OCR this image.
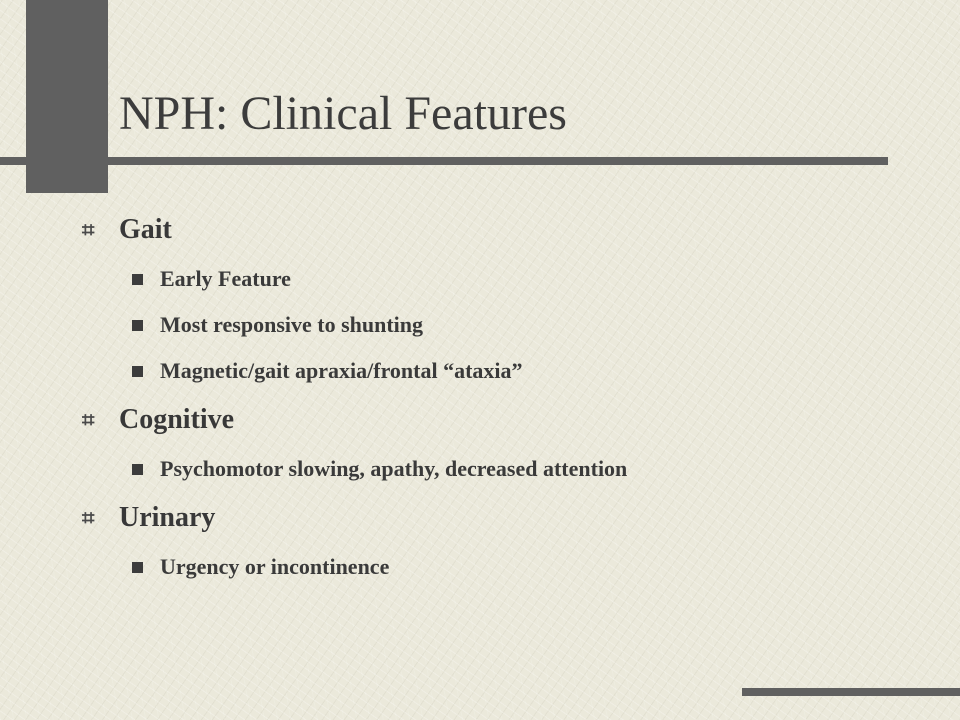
NPH: Clinical Features
⌗ Gait
Early Feature
Most responsive to shunting
Magnetic/gait apraxia/frontal “ataxia”
⌗ Cognitive
Psychomotor slowing, apathy, decreased attention
⌗ Urinary
Urgency or incontinence
